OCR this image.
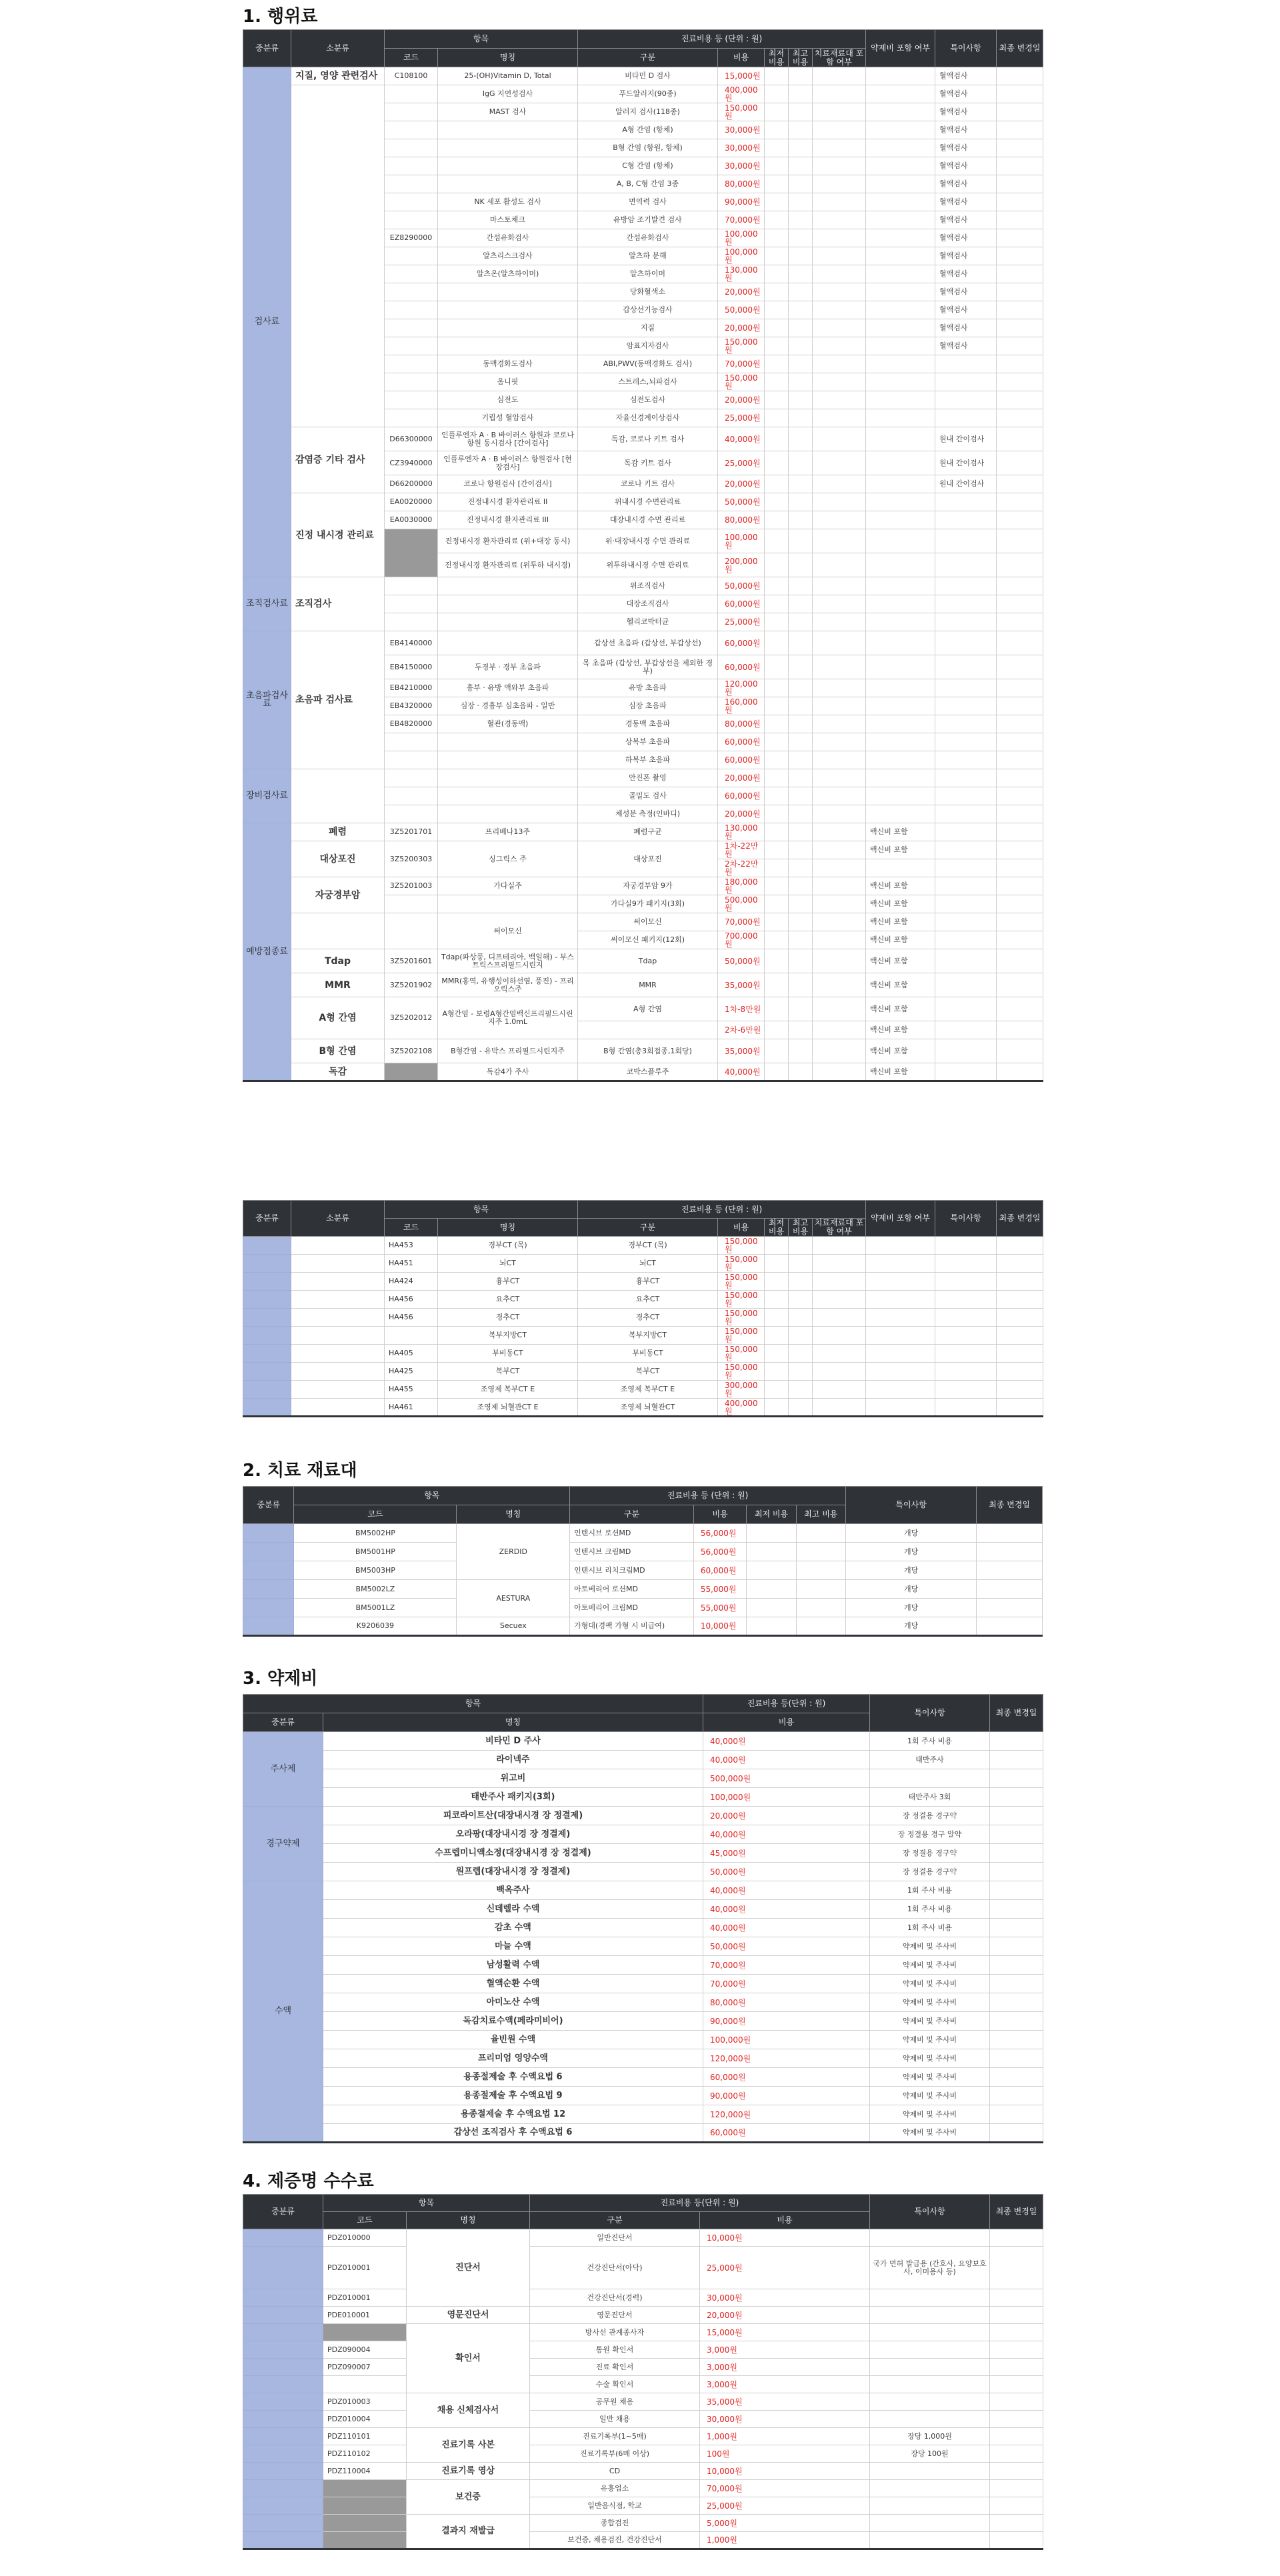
1. 행위료
중분류	소분류	항목		진료비용 등 (단위 : 원)					약제비 포함 여부	특이사항	최종 변경일
		코드	명칭	구분	비용	최저비용	최고비용	치료재료대 포함 여부			
검사료	지질, 영양 관련검사	C108100	25-(OH)Vitamin D, Total	비타민 D 검사	15,000원					혈액검사	
			IgG 지연성검사	푸드알러지(90종)	400,000원					혈액검사	
			MAST 검사	알러지 검사(118종)	150,000원					혈액검사	
				A형 간염 (항체)	30,000원					혈액검사	
				B형 간염 (항원, 항체)	30,000원					혈액검사	
				C형 간염 (항체)	30,000원					혈액검사	
				A, B, C형 간염 3종	80,000원					혈액검사	
			NK 세포 활성도 검사	면역력 검사	90,000원					혈액검사	
			마스토체크	유방암 조기발견 검사	70,000원					혈액검사	
		EZ8290000	간섬유화검사	간섬유화검사	100,000원					혈액검사	
			알츠리스크검사	알츠하 분해	100,000원					혈액검사	
			알츠온(알츠하이머)	알츠하이머	130,000원					혈액검사	
				당화혈색소	20,000원					혈액검사	
				갑상선기능검사	50,000원					혈액검사	
				지질	20,000원					혈액검사	
				암표지자검사	150,000원					혈액검사	
			동맥경화도검사	ABI,PWV(동맥경화도 검사)	70,000원						
			옴니핏	스트레스,뇌파검사	150,000원						
			심전도	심전도검사	20,000원						
			기립성 혈압검사	자율신경계이상검사	25,000원						
	감염증 기타 검사	D66300000	인플루엔자 A · B 바이러스 항원과 코로나 항원 동시검사 [간이검사]	독감, 코로나 키트 검사	40,000원					원내 간이검사	
		CZ3940000	인플루엔자 A · B 바이러스 항원검사 [현장검사]	독감 키트 검사	25,000원					원내 간이검사	
		D66200000	코로나 항원검사 [간이검사]	코로나 키트 검사	20,000원					원내 간이검사	
	진정 내시경 관리료	EA0020000	진정내시경 환자관리료 II	위내시경 수면관리료	50,000원						
		EA0030000	진정내시경 환자관리료 III	대장내시경 수면 관리료	80,000원						
			진정내시경 환자관리료 (위+대장 동시)	위·대장내시경 수면 관리료	100,000원						
			진정내시경 환자관리료 (위투하 내시경)	위투하내시경 수면 관리료	200,000원						
조직검사료	조직검사			위조직검사	50,000원						
				대장조직검사	60,000원						
				헬리코박터균	25,000원						
초음파검사료	초음파 검사료	EB4140000		갑상선 초음파 (갑상선, 부갑상선)	60,000원						
		EB4150000	두경부 · 경부 초음파	목 초음파 (갑상선, 부갑상선을 제외한 경부)	60,000원						
		EB4210000	흉부 · 유방 액와부 초음파	유방 초음파	120,000원						
		EB4320000	심장 · 경흉부 심초음파 - 일반	심장 초음파	160,000원						
		EB4820000	혈관(경동맥)	경동맥 초음파	80,000원						
				상복부 초음파	60,000원						
				하복부 초음파	60,000원						
장비검사료				안진폰 촬영	20,000원						
				골밀도 검사	60,000원						
				체성분 측정(인바디)	20,000원						
예방접종료	폐렴	3Z5201701	프리베나13주	폐렴구균	130,000원				백신비 포함		
	대상포진	3Z5200303	싱그릭스 주	대상포진	1차-22만원				백신비 포함		
					2차-22만원						
	자궁경부암	3Z5201003	가다실주	자궁경부암 9가	180,000원				백신비 포함		
				가다실9가 패키지(3회)	500,000원				백신비 포함		
			써이모신	써이모신	70,000원				백신비 포함		
				써이모신 패키지(12회)	700,000원				백신비 포함		
	Tdap	3Z5201601	Tdap(파상풍, 디프테리아, 백일해) - 부스트릭스프리필드시린지	Tdap	50,000원				백신비 포함		
	MMR	3Z5201902	MMR(홍역, 유행성이하선염, 풍진) - 프리오릭스주	MMR	35,000원				백신비 포함		
	A형 간염	3Z5202012	A형간염 - 보령A형간염백신프리필드시린지주 1.0mL	A형 간염	1차-8만원				백신비 포함		
					2차-6만원				백신비 포함		
	B형 간염	3Z5202108	B형간염 - 유박스 프리필드시린지주	B형 간염(총3회접종,1회당)	35,000원				백신비 포함		
	독감		독감4가 주사	코박스플루주	40,000원				백신비 포함		
중분류	소분류	항목		진료비용 등 (단위 : 원)					약제비 포함 여부	특이사항	최종 변경일
		코드	명칭	구분	비용	최저비용	최고비용	치료재료대 포함 여부			
		HA453	경부CT (목)	경부CT (목)	150,000원						
		HA451	뇌CT	뇌CT	150,000원						
		HA424	흉부CT	흉부CT	150,000원						
		HA456	요추CT	요추CT	150,000원						
		HA456	경추CT	경추CT	150,000원						
			복부지방CT	복부지방CT	150,000원						
		HA405	부비동CT	부비동CT	150,000원						
		HA425	복부CT	복부CT	150,000원						
		HA455	조영제 복부CT E	조영제 복부CT E	300,000원						
		HA461	조영제 뇌혈관CT E	조영제 뇌혈관CT	400,000원						
2. 치료 재료대
중분류	항목		진료비용 등 (단위 : 원)				특이사항	최종 변경일
	코드	명칭	구분	비용	최저 비용	최고 비용		
	BM5002HP	ZERDID	인텐시브 로션MD	56,000원			개당	
	BM5001HP		인텐시브 크림MD	56,000원			개당	
	BM5003HP		인텐시브 리치크림MD	60,000원			개당	
	BM5002LZ	AESTURA	아토베리어 로션MD	55,000원			개당	
	BM5001LZ		아토베리어 크림MD	55,000원			개당	
	K9206039	Secuex	가형대(경팩 가형 시 비급여)	10,000원			개당	
3. 약제비
항목		진료비용 등(단위 : 원)	특이사항	최종 변경일
중분류	명칭	비용		
주사제	비타민 D 주사	40,000원	1회 주사 비용	
	라이넥주	40,000원	태반주사	
	위고비	500,000원		
	태반주사 패키지(3회)	100,000원	태반주사 3회	
경구약제	피코라이트산(대장내시경 장 정결제)	20,000원	장 정결용 경구약	
	오라팡(대장내시경 장 정결제)	40,000원	장 정결용 경구 알약	
	수프렙미니액소정(대장내시경 장 정결제)	45,000원	장 정결용 경구약	
	원프렙(대장내시경 장 정결제)	50,000원	장 정결용 경구약	
수액	백옥주사	40,000원	1회 주사 비용	
	신데렐라 수액	40,000원	1회 주사 비용	
	감초 수액	40,000원	1회 주사 비용	
	마늘 수액	50,000원	약제비 및 주사비	
	남성활력 수액	70,000원	약제비 및 주사비	
	혈액순환 수액	70,000원	약제비 및 주사비	
	아미노산 수액	80,000원	약제비 및 주사비	
	독감치료수액(페라미비어)	90,000원	약제비 및 주사비	
	율빈원 수액	100,000원	약제비 및 주사비	
	프리미엄 영양수액	120,000원	약제비 및 주사비	
	용종절제술 후 수액요법 6	60,000원	약제비 및 주사비	
	용종절제술 후 수액요법 9	90,000원	약제비 및 주사비	
	용종절제술 후 수액요법 12	120,000원	약제비 및 주사비	
	갑상선 조직검사 후 수액요법 6	60,000원	약제비 및 주사비	
4. 제증명 수수료
중분류	항목		진료비용 등(단위 : 원)		특이사항	최종 변경일
	코드	명칭	구분	비용		
	PDZ010000	진단서	일반진단서	10,000원		
	PDZ010001		건강진단서(아닥)	25,000원	국가 면허 발급용 (간호사, 요양보호사, 이미용사 등)	
	PDZ010001		건강진단서(경력)	30,000원		
	PDE010001	영문진단서	영문진단서	20,000원		
		확인서	방사선 관계종사자	15,000원		
	PDZ090004		통원 확인서	3,000원		
	PDZ090007		진료 확인서	3,000원		
			수술 확인서	3,000원		
	PDZ010003	채용 신체검사서	공무원 채용	35,000원		
	PDZ010004		일반 채용	30,000원		
	PDZ110101	진료기록 사본	진료기록부(1~5매)	1,000원	장당 1,000원	
	PDZ110102		진료기록부(6매 이상)	100원	장당 100원	
	PDZ110004	진료기록 영상	CD	10,000원		
		보건증	유흥업소	70,000원		
			일반음식점, 학교	25,000원		
		결과지 재발급	종합검진	5,000원		
			보건증, 채용검진, 건강진단서	1,000원		
